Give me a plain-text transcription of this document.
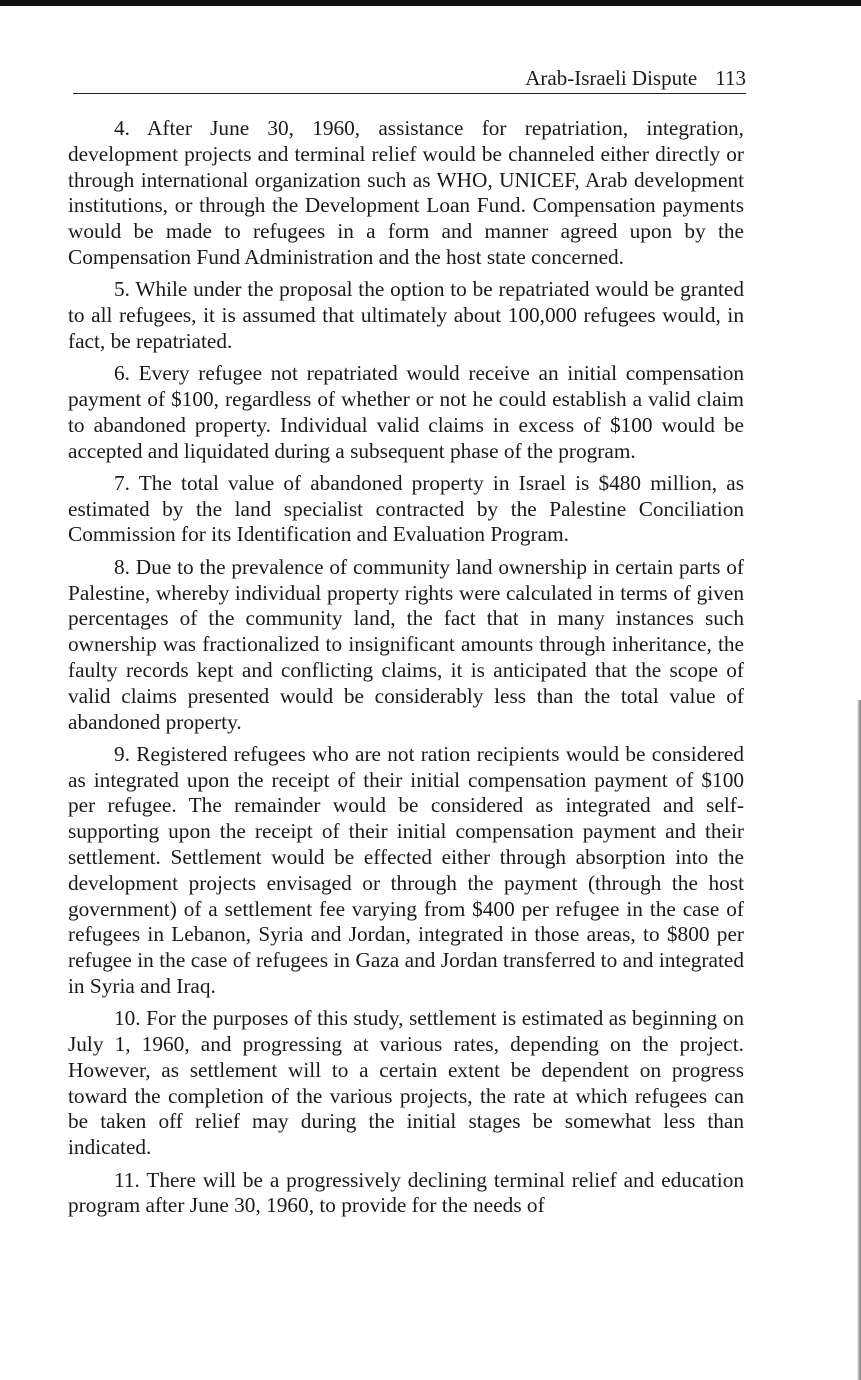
Arab-Israeli Dispute 113

4. After June 30, 1960, assistance for repatriation, integration, development projects and terminal relief would be channeled either directly or through international organization such as WHO, UNICEF, Arab development institutions, or through the Development Loan Fund. Compensation payments would be made to refugees in a form and manner agreed upon by the Compensation Fund Administration and the host state concerned.

5. While under the proposal the option to be repatriated would be granted to all refugees, it is assumed that ultimately about 100,000 refugees would, in fact, be repatriated.

6. Every refugee not repatriated would receive an initial compensation payment of $100, regardless of whether or not he could establish a valid claim to abandoned property. Individual valid claims in excess of $100 would be accepted and liquidated during a subsequent phase of the program.

7. The total value of abandoned property in Israel is $480 million, as estimated by the land specialist contracted by the Palestine Conciliation Commission for its Identification and Evaluation Program.

8. Due to the prevalence of community land ownership in certain parts of Palestine, whereby individual property rights were calculated in terms of given percentages of the community land, the fact that in many instances such ownership was fractionalized to insignificant amounts through inheritance, the faulty records kept and conflicting claims, it is anticipated that the scope of valid claims presented would be considerably less than the total value of abandoned property.

9. Registered refugees who are not ration recipients would be considered as integrated upon the receipt of their initial compensation payment of $100 per refugee. The remainder would be considered as integrated and self-supporting upon the receipt of their initial compensation payment and their settlement. Settlement would be effected either through absorption into the development projects envisaged or through the payment (through the host government) of a settlement fee varying from $400 per refugee in the case of refugees in Lebanon, Syria and Jordan, integrated in those areas, to $800 per refugee in the case of refugees in Gaza and Jordan transferred to and integrated in Syria and Iraq.

10. For the purposes of this study, settlement is estimated as beginning on July 1, 1960, and progressing at various rates, depending on the project. However, as settlement will to a certain extent be dependent on progress toward the completion of the various projects, the rate at which refugees can be taken off relief may during the initial stages be somewhat less than indicated.

11. There will be a progressively declining terminal relief and education program after June 30, 1960, to provide for the needs of
